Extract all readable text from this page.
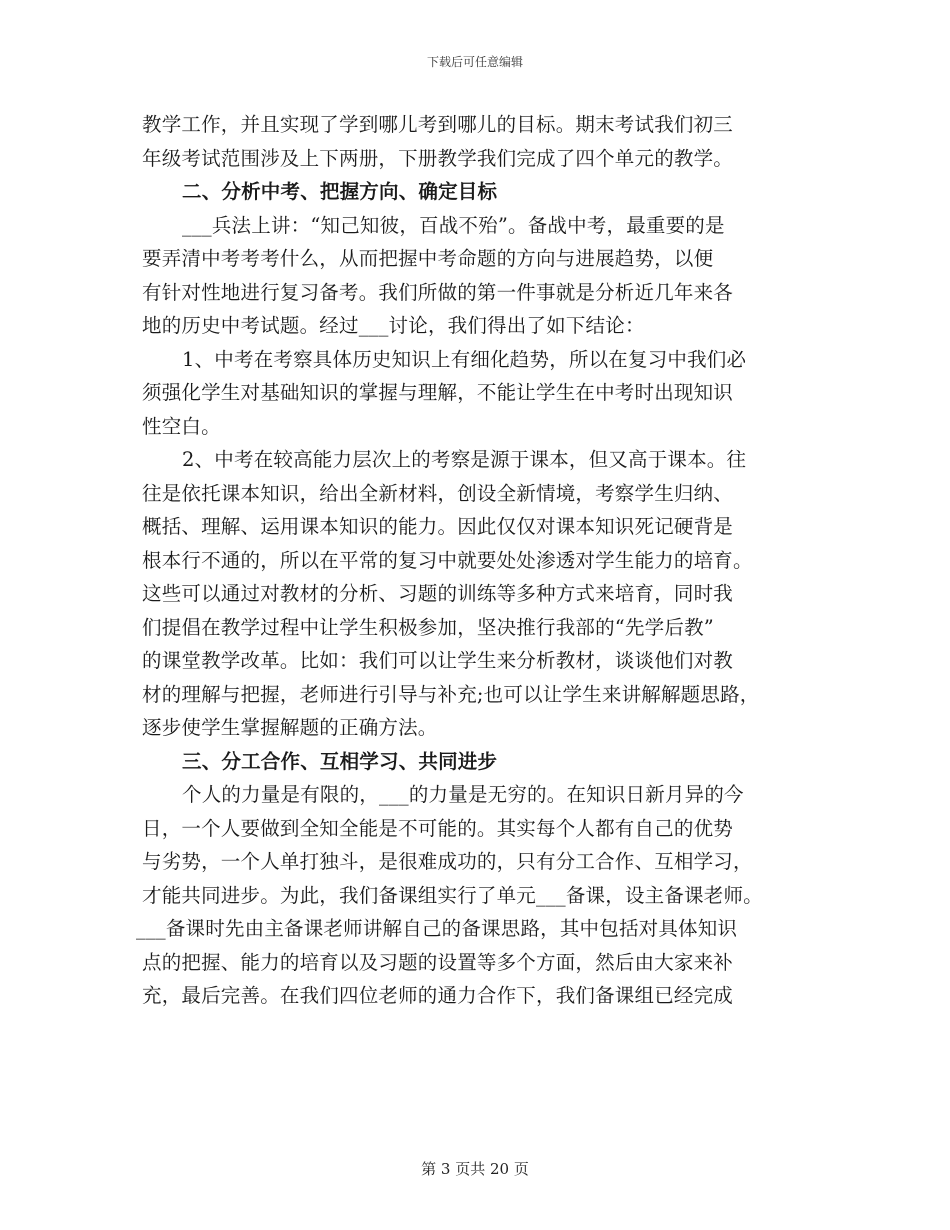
下载后可任意编辑
教学工作，并且实现了学到哪儿考到哪儿的目标。期末考试我们初三
年级考试范围涉及上下两册，下册教学我们完成了四个单元的教学。
二、分析中考、把握方向、确定目标
___兵法上讲：“知己知彼，百战不殆”。备战中考，最重要的是
要弄清中考考考什么，从而把握中考命题的方向与进展趋势，以便
有针对性地进行复习备考。我们所做的第一件事就是分析近几年来各
地的历史中考试题。经过___讨论，我们得出了如下结论：
1、中考在考察具体历史知识上有细化趋势，所以在复习中我们必
须强化学生对基础知识的掌握与理解，不能让学生在中考时出现知识
性空白。
2、中考在较高能力层次上的考察是源于课本，但又高于课本。往
往是依托课本知识，给出全新材料，创设全新情境，考察学生归纳、
概括、理解、运用课本知识的能力。因此仅仅对课本知识死记硬背是
根本行不通的，所以在平常的复习中就要处处渗透对学生能力的培育。
这些可以通过对教材的分析、习题的训练等多种方式来培育，同时我
们提倡在教学过程中让学生积极参加，坚决推行我部的“先学后教”
的课堂教学改革。比如：我们可以让学生来分析教材，谈谈他们对教
材的理解与把握，老师进行引导与补充;也可以让学生来讲解解题思路，
逐步使学生掌握解题的正确方法。
三、分工合作、互相学习、共同进步
个人的力量是有限的，___的力量是无穷的。在知识日新月异的今
日，一个人要做到全知全能是不可能的。其实每个人都有自己的优势
与劣势，一个人单打独斗，是很难成功的，只有分工合作、互相学习，
才能共同进步。为此，我们备课组实行了单元___备课，设主备课老师。
___备课时先由主备课老师讲解自己的备课思路，其中包括对具体知识
点的把握、能力的培育以及习题的设置等多个方面，然后由大家来补
充，最后完善。在我们四位老师的通力合作下，我们备课组已经完成
第 3 页共 20 页
